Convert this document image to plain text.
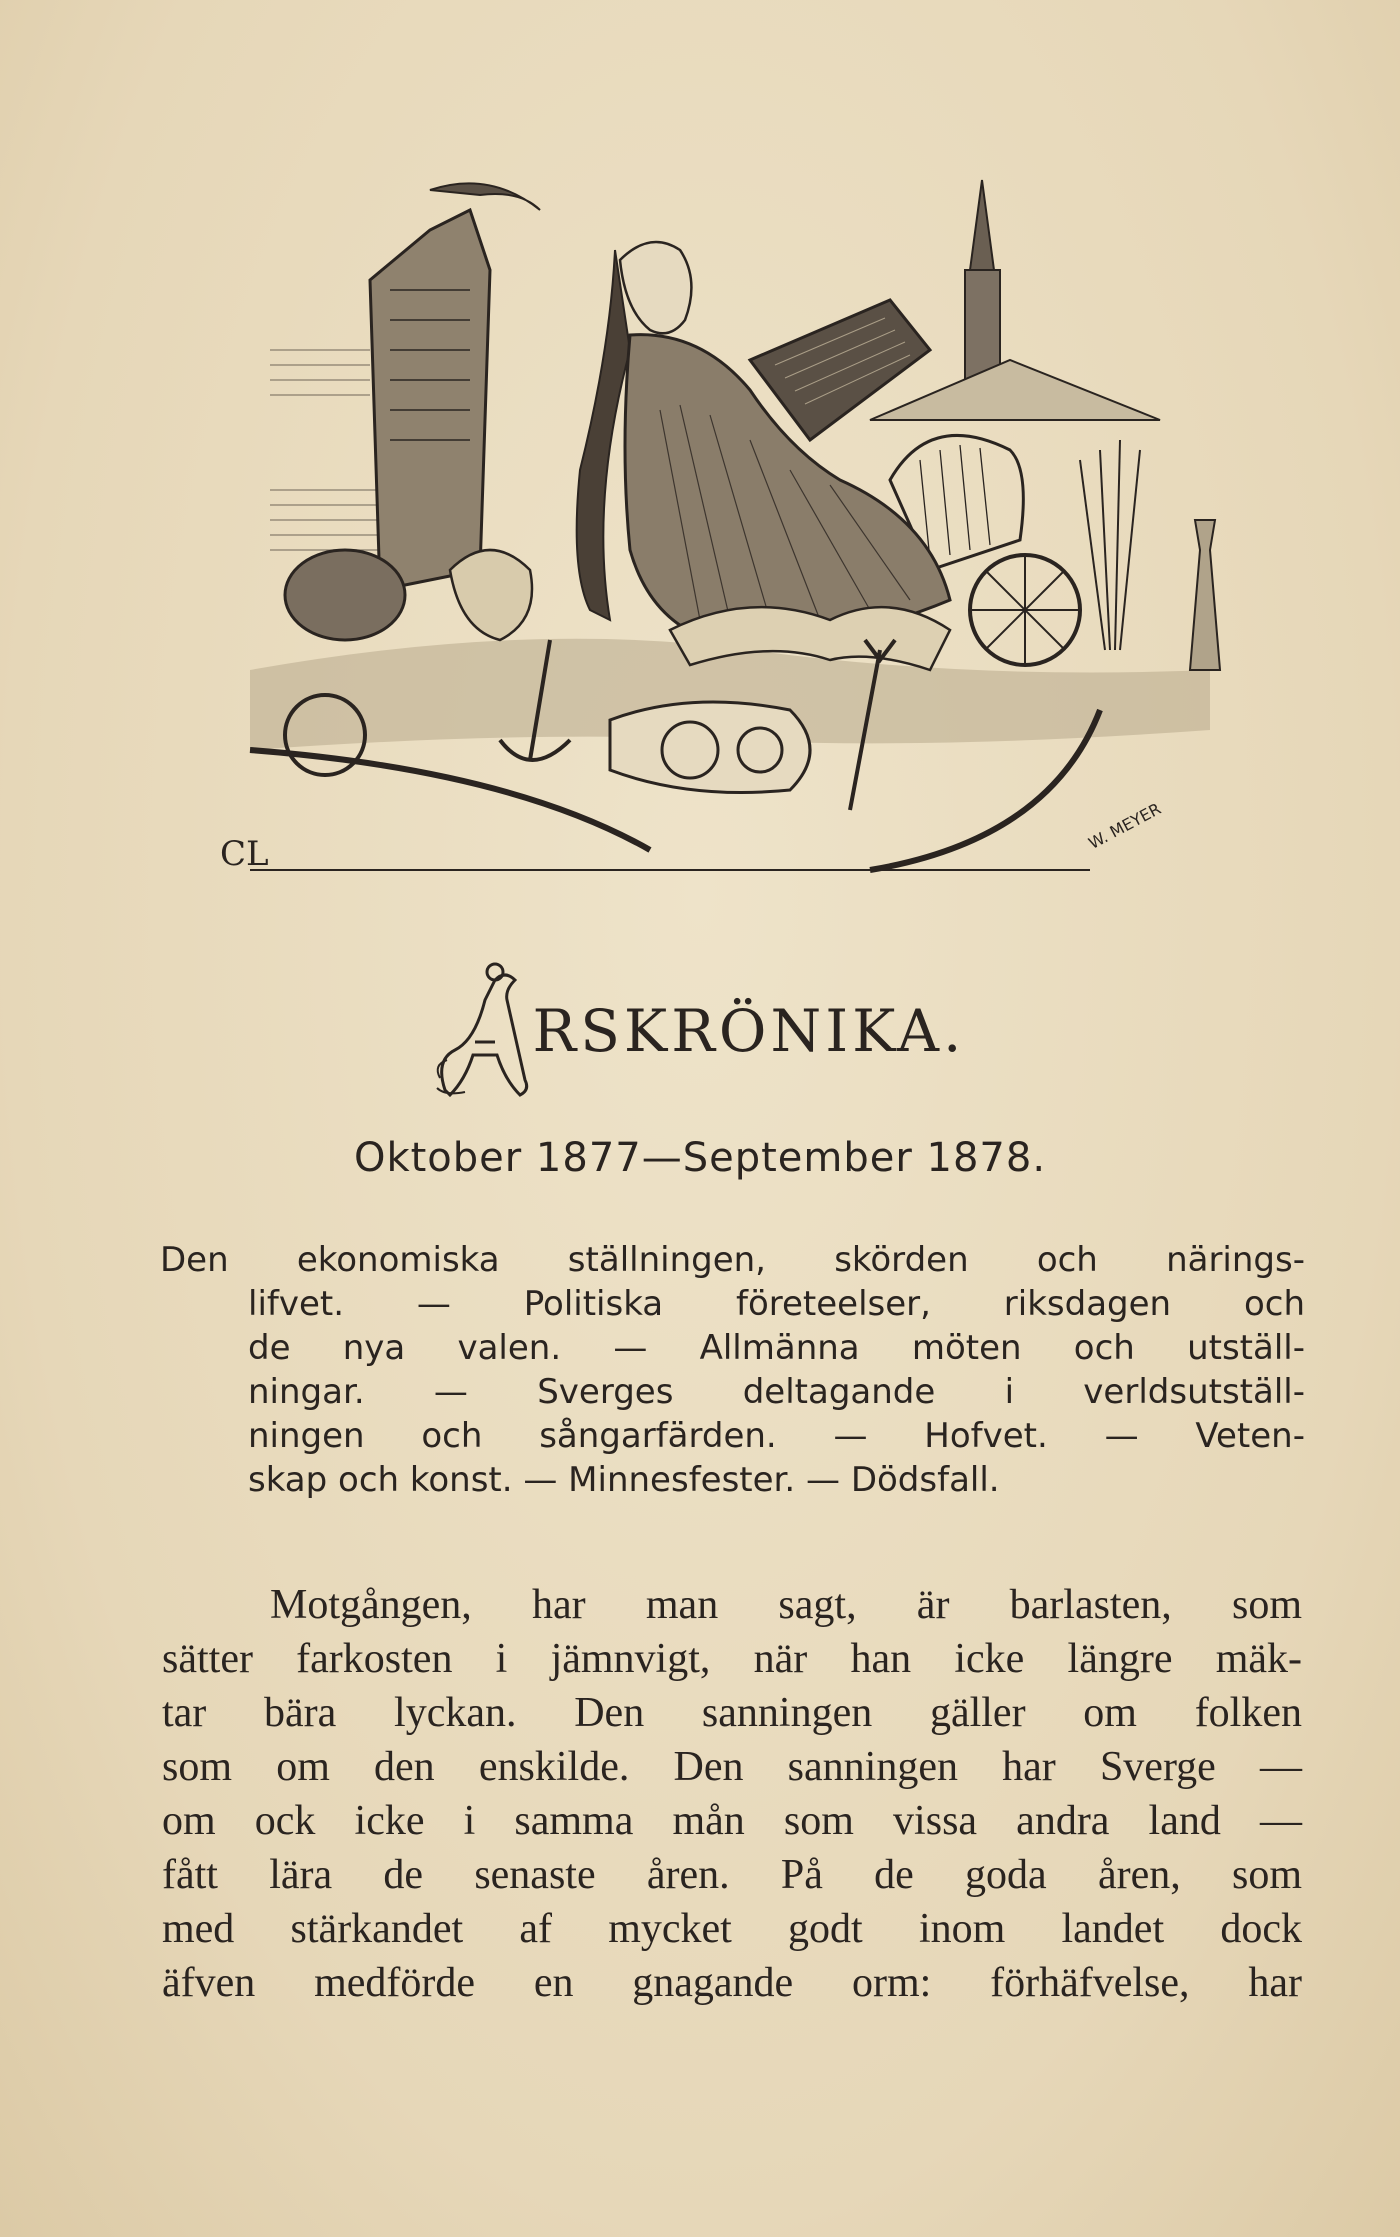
CL
W. MEYER
RSKRÖNIKA.
Oktober 1877—September 1878.
Den ekonomiska ställningen, skörden och närings-
lifvet. — Politiska företeelser, riksdagen och
de nya valen. — Allmänna möten och utställ-
ningar. — Sverges deltagande i verldsutställ-
ningen och sångarfärden. — Hofvet. — Veten-
skap och konst. — Minnesfester. — Dödsfall.
Motgången, har man sagt, är barlasten, som
sätter farkosten i jämnvigt, när han icke längre mäk-
tar bära lyckan. Den sanningen gäller om folken
som om den enskilde. Den sanningen har Sverge —
om ock icke i samma mån som vissa andra land —
fått lära de senaste åren. På de goda åren, som
med stärkandet af mycket godt inom landet dock
äfven medförde en gnagande orm: förhäfvelse, har
